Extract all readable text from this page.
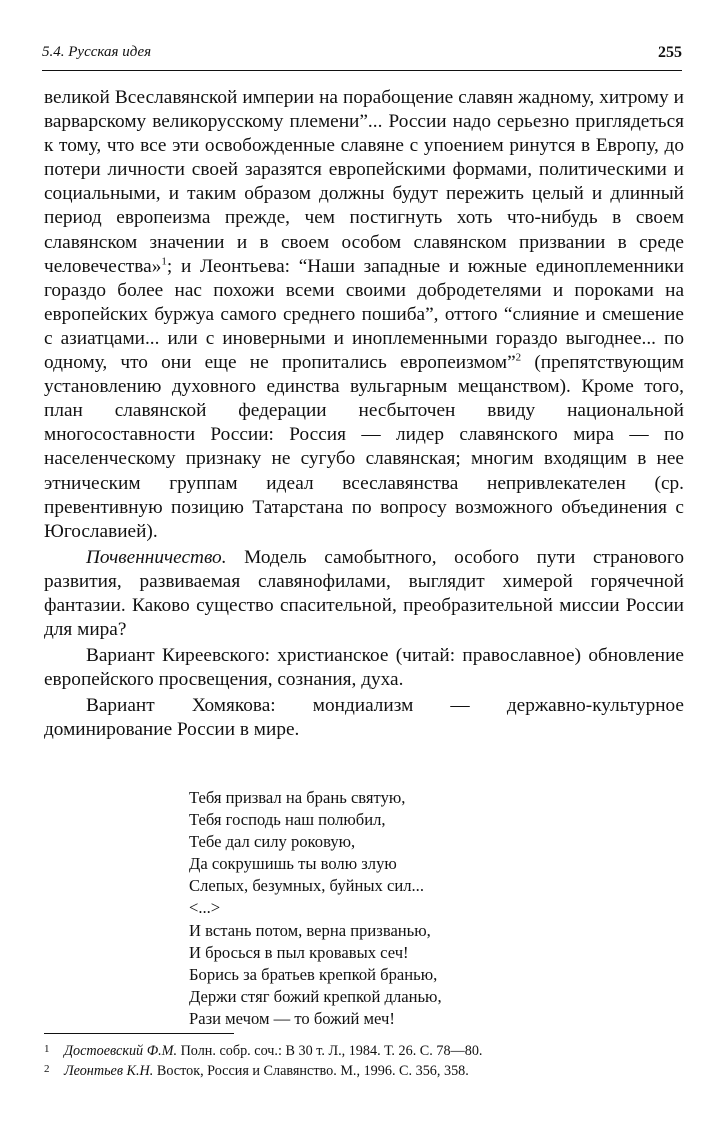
5.4. Русская идея	255

великой Всеславянской империи на порабощение славян жадному, хитрому и варварскому великорусскому племени”... России надо серьезно приглядеться к тому, что все эти освобожденные славяне с упоением ринутся в Европу, до потери личности своей заразятся европейскими формами, политическими и социальными, и таким образом должны будут пережить целый и длинный период европеизма прежде, чем постигнуть хоть что-нибудь в своем славянском значении и в своем особом славянском призвании в среде человечества»$^1$; и Леонтьева: “Наши западные и южные единоплеменники гораздо более нас похожи всеми своими добродетелями и пороками на европейских буржуа самого среднего пошиба”, оттого “слияние и смешение с азиатцами... или с иноверными и иноплеменными гораздо выгоднее... по одному, что они еще не пропитались европеизмом”$^2$ (препятствующим установлению духовного единства вульгарным мещанством). Кроме того, план славянской федерации несбыточен ввиду национальной многосоставности России: Россия — лидер славянского мира — по населенческому признаку не сугубо славянская; многим входящим в нее этническим группам идеал всеславянства непривлекателен (ср. превентивную позицию Татарстана по вопросу возможного объединения с Югославией).

Почвенничество. Модель самобытного, особого пути странового развития, развиваемая славянофилами, выглядит химерой горячечной фантазии. Каково существо спасительной, преобразительной миссии России для мира?

Вариант Киреевского: христианское (читай: православное) обновление европейского просвещения, сознания, духа.

Вариант Хомякова: мондиализм — державно-культурное доминирование России в мире.

Тебя призвал на брань святую,
Тебя господь наш полюбил,
Тебе дал силу роковую,
Да сокрушишь ты волю злую
Слепых, безумных, буйных сил...
<...>
И встань потом, верна призванью,
И бросься в пыл кровавых сеч!
Борись за братьев крепкой бранью,
Держи стяг божий крепкой дланью,
Рази мечом — то божий меч!
1 Достоевский Ф.М. Полн. собр. соч.: В 30 т. Л., 1984. Т. 26. С. 78—80.
2 Леонтьев К.Н. Восток, Россия и Славянство. М., 1996. С. 356, 358.
